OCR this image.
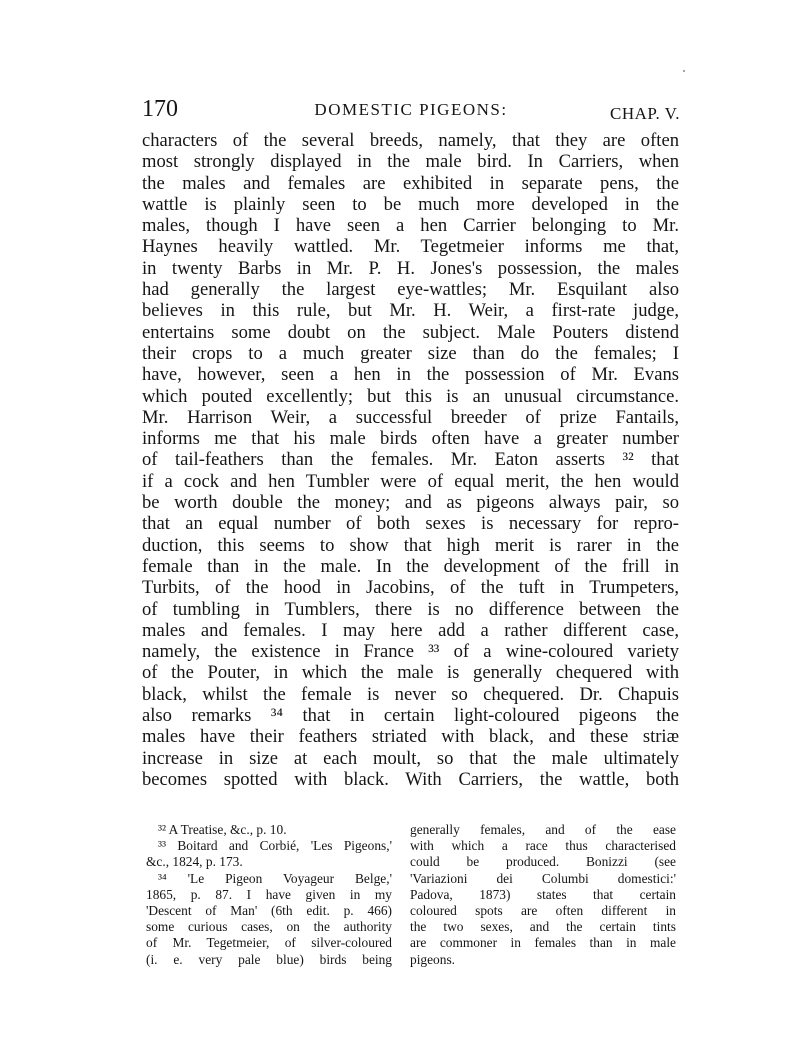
170	DOMESTIC PIGEONS:	CHAP. V.
characters of the several breeds, namely, that they are often
most strongly displayed in the male bird. In Carriers, when
the males and females are exhibited in separate pens, the
wattle is plainly seen to be much more developed in the
males, though I have seen a hen Carrier belonging to Mr.
Haynes heavily wattled. Mr. Tegetmeier informs me that,
in twenty Barbs in Mr. P. H. Jones's possession, the males
had generally the largest eye-wattles; Mr. Esquilant also
believes in this rule, but Mr. H. Weir, a first-rate judge,
entertains some doubt on the subject. Male Pouters distend
their crops to a much greater size than do the females; I
have, however, seen a hen in the possession of Mr. Evans
which pouted excellently; but this is an unusual circumstance.
Mr. Harrison Weir, a successful breeder of prize Fantails,
informs me that his male birds often have a greater number
of tail-feathers than the females. Mr. Eaton asserts ³² that
if a cock and hen Tumbler were of equal merit, the hen would
be worth double the money; and as pigeons always pair, so
that an equal number of both sexes is necessary for repro-
duction, this seems to show that high merit is rarer in the
female than in the male. In the development of the frill in
Turbits, of the hood in Jacobins, of the tuft in Trumpeters,
of tumbling in Tumblers, there is no difference between the
males and females. I may here add a rather different case,
namely, the existence in France ³³ of a wine-coloured variety
of the Pouter, in which the male is generally chequered with
black, whilst the female is never so chequered. Dr. Chapuis
also remarks ³⁴ that in certain light-coloured pigeons the
males have their feathers striated with black, and these striæ
increase in size at each moult, so that the male ultimately
becomes spotted with black. With Carriers, the wattle, both
³² A Treatise, &c., p. 10.
³³ Boitard and Corbié, 'Les Pigeons,'
&c., 1824, p. 173.
³⁴ 'Le Pigeon Voyageur Belge,'
1865, p. 87. I have given in my
'Descent of Man' (6th edit. p. 466)
some curious cases, on the authority
of Mr. Tegetmeier, of silver-coloured
(i. e. very pale blue) birds being
generally females, and of the ease
with which a race thus characterised
could be produced. Bonizzi (see
'Variazioni dei Columbi domestici:'
Padova, 1873) states that certain
coloured spots are often different in
the two sexes, and the certain tints
are commoner in females than in male
pigeons.
